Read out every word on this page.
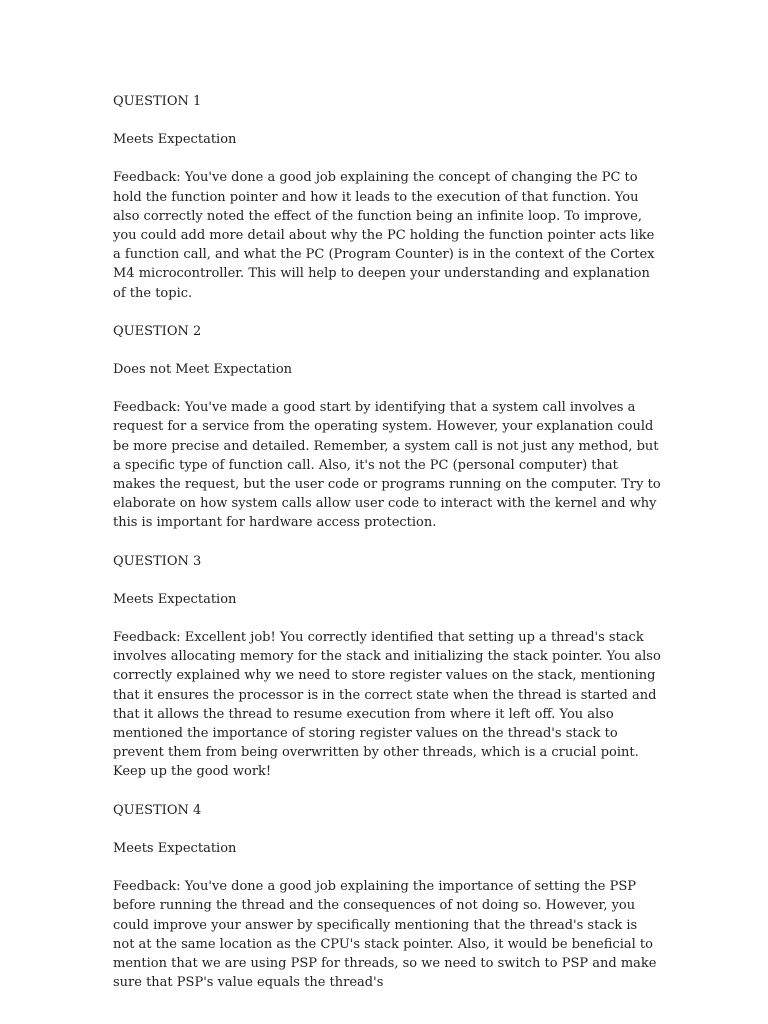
QUESTION 1

Meets Expectation

Feedback: You've done a good job explaining the concept of changing the PC to hold the function pointer and how it leads to the execution of that function. You also correctly noted the effect of the function being an infinite loop. To improve, you could add more detail about why the PC holding the function pointer acts like a function call, and what the PC (Program Counter) is in the context of the Cortex M4 microcontroller. This will help to deepen your understanding and explanation of the topic.

QUESTION 2

Does not Meet Expectation

Feedback: You've made a good start by identifying that a system call involves a request for a service from the operating system. However, your explanation could be more precise and detailed. Remember, a system call is not just any method, but a specific type of function call. Also, it's not the PC (personal computer) that makes the request, but the user code or programs running on the computer. Try to elaborate on how system calls allow user code to interact with the kernel and why this is important for hardware access protection.

QUESTION 3

Meets Expectation

Feedback: Excellent job! You correctly identified that setting up a thread's stack involves allocating memory for the stack and initializing the stack pointer. You also correctly explained why we need to store register values on the stack, mentioning that it ensures the processor is in the correct state when the thread is started and that it allows the thread to resume execution from where it left off. You also mentioned the importance of storing register values on the thread's stack to prevent them from being overwritten by other threads, which is a crucial point. Keep up the good work!

QUESTION 4

Meets Expectation

Feedback: You've done a good job explaining the importance of setting the PSP before running the thread and the consequences of not doing so. However, you could improve your answer by specifically mentioning that the thread's stack is not at the same location as the CPU's stack pointer. Also, it would be beneficial to mention that we are using PSP for threads, so we need to switch to PSP and make sure that PSP's value equals the thread's
